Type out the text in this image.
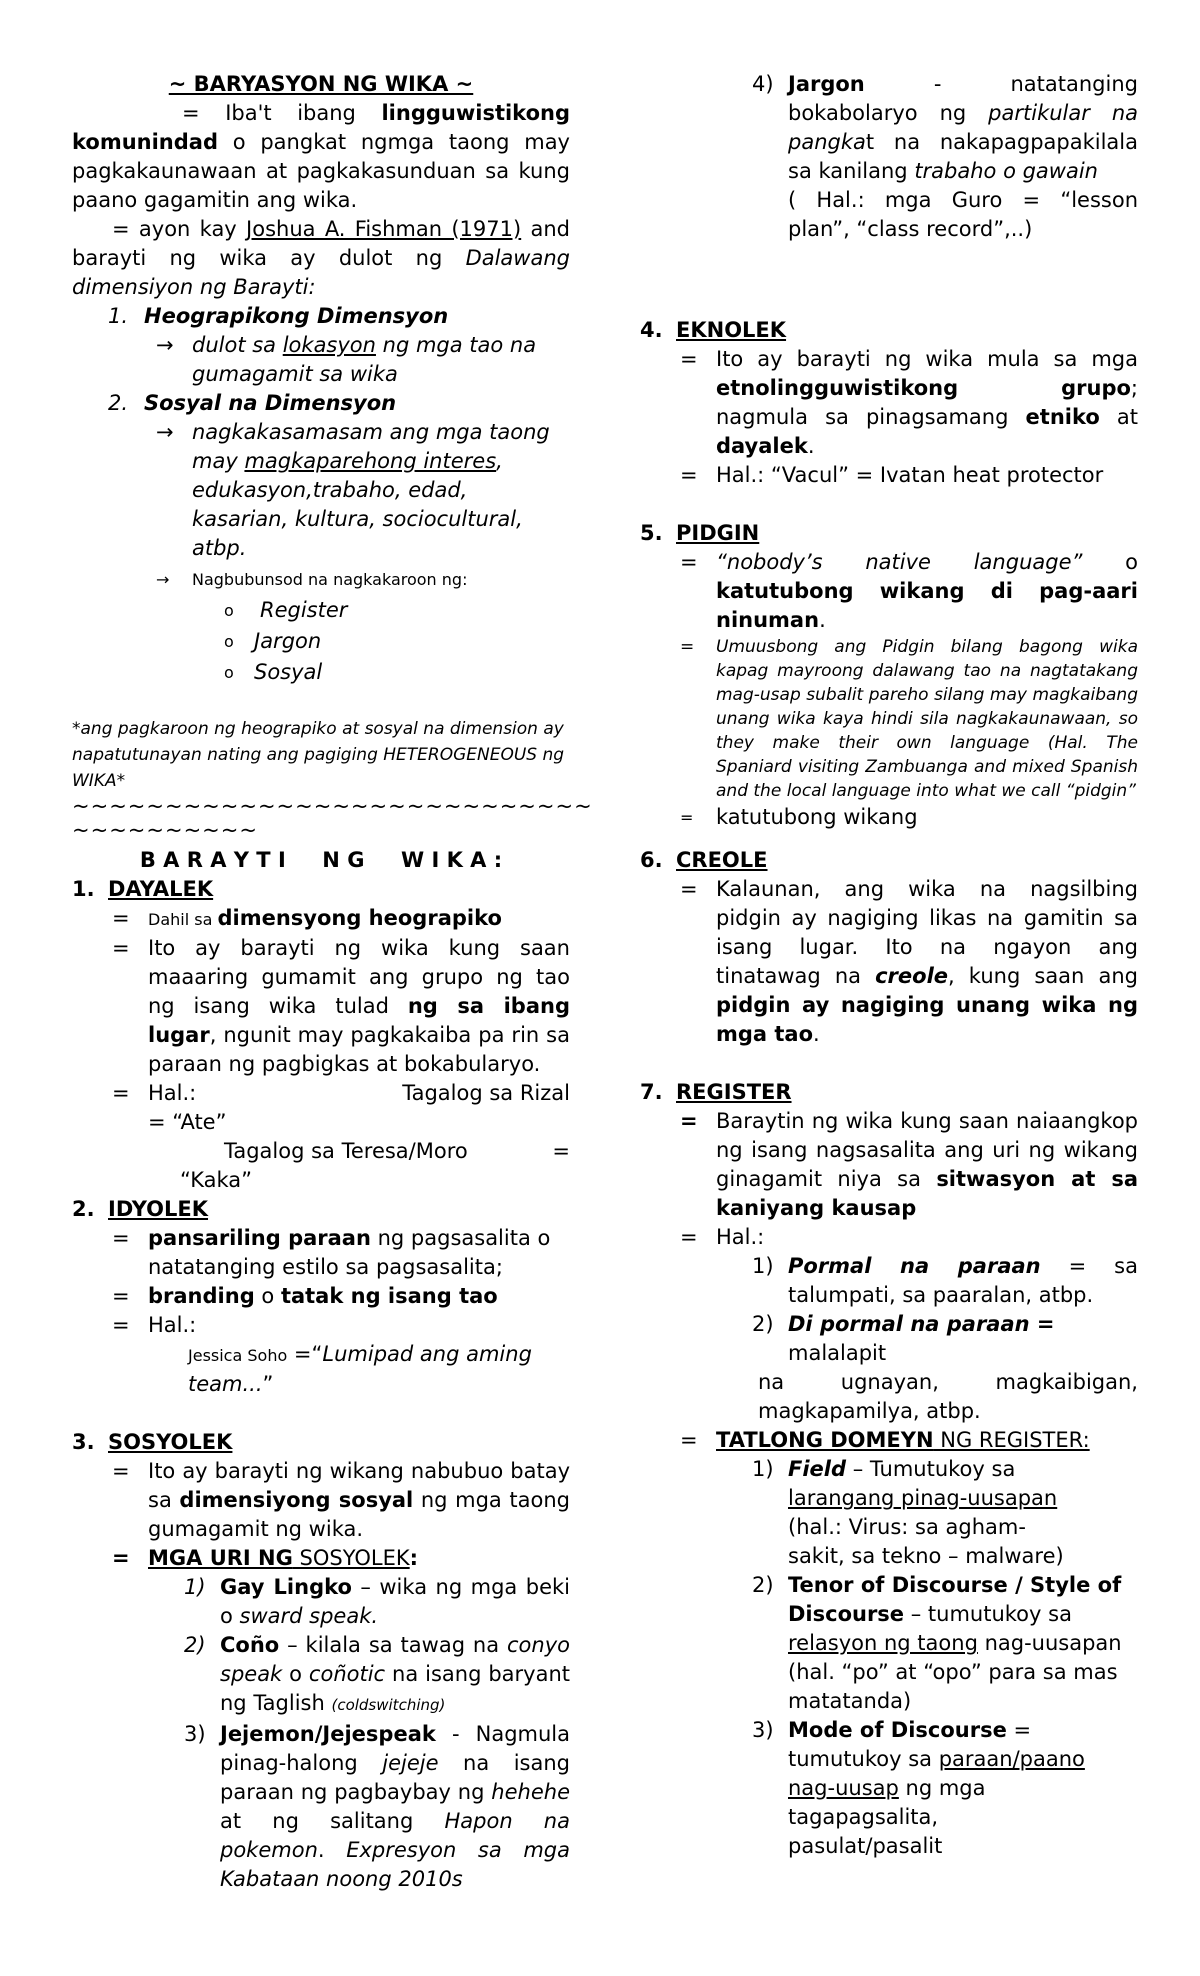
~ BARYASYON NG WIKA ~

= Iba't ibang lingguwistikong komunindad o pangkat ngmga taong may pagkakaunawaan at pagkakasunduan sa kung paano gagamitin ang wika.

= ayon kay Joshua A. Fishman (1971) and barayti ng wika ay dulot ng Dalawang dimensiyon ng Barayti:

1. Heograpikong Dimensyon
→ dulot sa lokasyon ng mga tao na gumagamit sa wika
2. Sosyal na Dimensyon
→ nagkakasamasam ang mga taong may magkaparehong interes, edukasyon,trabaho, edad, kasarian, kultura, sociocultural, atbp.
→	Nagbubunsod na nagkakaroon ng:
o	Register
o Jargon
o Sosyal

*ang pagkaroon ng heograpiko at sosyal na dimension ay napatutunayan nating ang pagiging HETEROGENEOUS ng WIKA*

~~~~~~~~~~~~~~~~~~~~~~~~~~~~
~~~~~~~~~~

B A R A Y T I     N G     W I K A :

1. DAYALEK
=	Dahil sa dimensyong heograpiko
= Ito ay barayti ng wika kung saan maaaring gumamit ang grupo ng tao ng isang wika tulad ng sa ibang lugar, ngunit may pagkakaiba pa rin sa paraan ng pagbigkas at bokabularyo.
= Hal.:	Tagalog sa Rizal
= “Ate”
Tagalog sa Teresa/Moro	=
“Kaka”
2. IDYOLEK
= pansariling paraan ng pagsasalita o natatanging estilo sa pagsasalita;
= branding o tatak ng isang tao
= Hal.:

Jessica Soho =“Lumipad ang aming team...”

3. SOSYOLEK
= Ito ay barayti ng wikang nabubuo batay sa dimensiyong sosyal ng mga taong gumagamit ng wika.
= MGA URI NG SOSYOLEK:
1) Gay Lingko – wika ng mga beki o sward speak.
2) Coño – kilala sa tawag na conyo speak o coñotic na isang baryant ng Taglish (coldswitching)
3) Jejemon/Jejespeak - Nagmula pinag-halong jejeje na isang paraan ng pagbaybay ng hehehe at ng salitang Hapon na pokemon. Expresyon sa mga Kabataan noong 2010s
4) Jargon - natatanging bokabolaryo ng partikular na pangkat na nakapagpapakilala sa kanilang trabaho o gawain
( Hal.: mga Guro = “lesson plan”, “class record”,..)
4. EKNOLEK
= Ito ay barayti ng wika mula sa mga etnolingguwistikong grupo; nagmula sa pinagsamang etniko at dayalek.
= Hal.: “Vacul” = Ivatan heat protector
5. PIDGIN
= “nobody’s native language” o katutubong wikang di pag-aari ninuman.
=	Umuusbong ang Pidgin bilang bagong wika kapag mayroong dalawang tao na nagtatakang mag-usap subalit pareho silang may magkaibang unang wika kaya hindi sila nagkakaunawaan, so they make their own language (Hal. The Spaniard visiting Zambuanga and mixed Spanish and the local language into what we call “pidgin”
=	katutubong wikang
6. CREOLE
= Kalaunan, ang wika na nagsilbing pidgin ay nagiging likas na gamitin sa isang lugar. Ito na ngayon ang tinatawag na creole, kung saan ang pidgin ay nagiging unang wika ng mga tao.
7. REGISTER
= Baraytin ng wika kung saan naiaangkop ng isang nagsasalita ang uri ng wikang ginagamit niya sa sitwasyon at sa kaniyang kausap
= Hal.:
1) Pormal na paraan = sa talumpati, sa paaralan, atbp.
2) Di pormal na paraan =
malalapit

na ugnayan, magkaibigan, magkapamilya, atbp.

= TATLONG DOMEYN NG REGISTER:
1) Field – Tumutukoy sa larangang pinag-uusapan (hal.: Virus: sa agham-sakit, sa tekno – malware)
2) Tenor of Discourse / Style of Discourse – tumutukoy sa relasyon ng taong nag-uusapan (hal. “po” at “opo” para sa mas matatanda)
3) Mode of Discourse = tumutukoy sa paraan/paano nag-uusap ng mga tagapagsalita, pasulat/pasalit
